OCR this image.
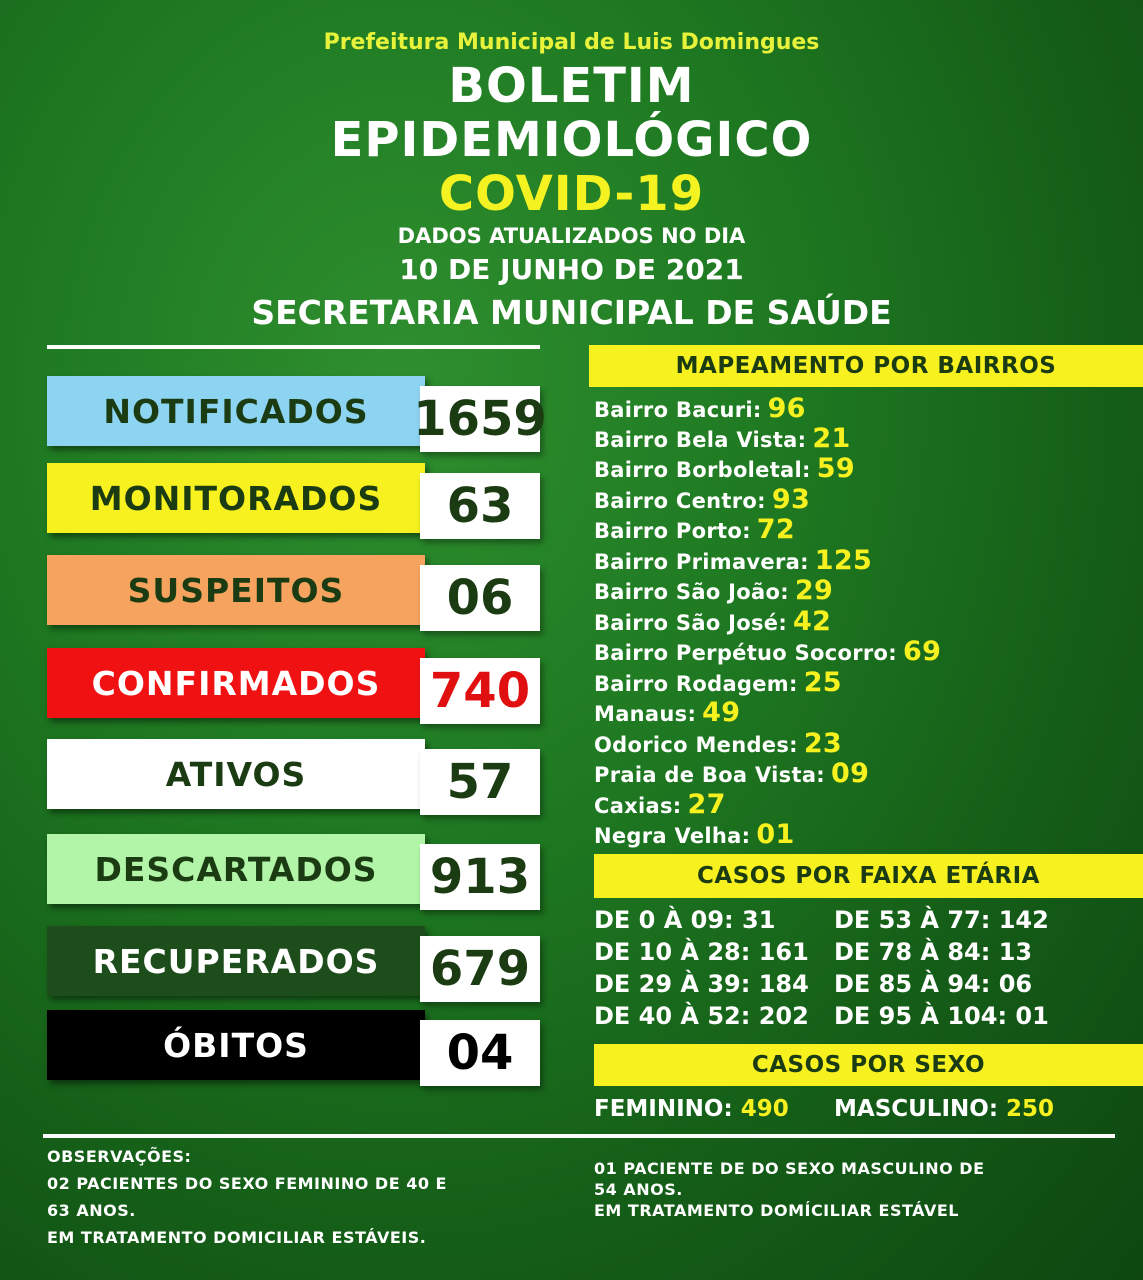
Prefeitura Municipal de Luis Domingues
BOLETIM
EPIDEMIOLÓGICO
COVID-19
DADOS ATUALIZADOS NO DIA
10 DE JUNHO DE 2021
SECRETARIA MUNICIPAL DE SAÚDE
NOTIFICADOS 1659
MONITORADOS	63
SUSPEITOS	06
CONFIRMADOS	740
ATIVOS	57
DESCARTADOS	913
RECUPERADOS	679
ÓBITOS	04
MAPEAMENTO POR BAIRROS
Bairro Bacuri: 96
Bairro Bela Vista: 21
Bairro Borboletal: 59
Bairro Centro: 93
Bairro Porto: 72
Bairro Primavera: 125
Bairro São João: 29
Bairro São José: 42
Bairro Perpétuo Socorro: 69
Bairro Rodagem: 25
Manaus: 49
Odorico Mendes: 23
Praia de Boa Vista: 09
Caxias: 27
Negra Velha: 01
CASOS POR FAIXA ETÁRIA
DE 0 À 09: 31
DE 10 À 28: 161
DE 29 À 39: 184
DE 40 À 52: 202
DE 53 À 77: 142
DE 78 À 84: 13
DE 85 À 94: 06
DE 95 À 104: 01
CASOS POR SEXO
FEMININO: 490 MASCULINO: 250
OBSERVAÇÕES:
02 PACIENTES DO SEXO FEMININO DE 40 E
63 ANOS.
EM TRATAMENTO DOMICILIAR ESTÁVEIS.
01 PACIENTE DE DO SEXO MASCULINO DE
54 ANOS.
EM TRATAMENTO DOMÍCILIAR ESTÁVEL
